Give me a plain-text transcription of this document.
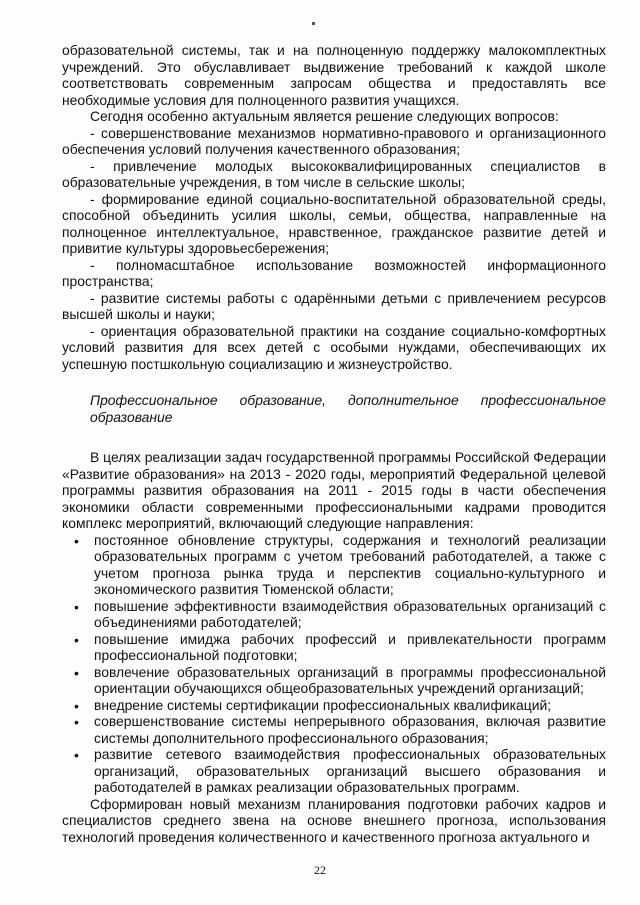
образовательной системы, так и на полноценную поддержку малокомплектных учреждений. Это обуславливает выдвижение требований к каждой школе соответствовать современным запросам общества и предоставлять все необходимые условия для полноценного развития учащихся.

Сегодня особенно актуальным является решение следующих вопросов:

- совершенствование механизмов нормативно-правового и организационного обеспечения условий получения качественного образования;

- привлечение молодых высококвалифицированных специалистов в образовательные учреждения, в том числе в сельские школы;

- формирование единой социально-воспитательной образовательной среды, способной объединить усилия школы, семьи, общества, направленные на полноценное интеллектуальное, нравственное, гражданское развитие детей и привитие культуры здоровьесбережения;

- полномасштабное использование возможностей информационного пространства;

- развитие системы работы с одарёнными детьми с привлечением ресурсов высшей школы и науки;

- ориентация образовательной практики на создание социально-комфортных условий развития для всех детей с особыми нуждами, обеспечивающих их успешную постшкольную социализацию и жизнеустройство.

Профессиональное образование, дополнительное профессиональное образование

В целях реализации задач государственной программы Российской Федерации «Развитие образования» на 2013 - 2020 годы, мероприятий Федеральной целевой программы развития образования на 2011 - 2015 годы в части обеспечения экономики области современными профессиональными кадрами проводится комплекс мероприятий, включающий следующие направления:

• постоянное обновление структуры, содержания и технологий реализации образовательных программ с учетом требований работодателей, а также с учетом прогноза рынка труда и перспектив социально-культурного и экономического развития Тюменской области;
• повышение эффективности взаимодействия образовательных организаций с объединениями работодателей;
• повышение имиджа рабочих профессий и привлекательности программ профессиональной подготовки;
• вовлечение образовательных организаций в программы профессиональной ориентации обучающихся общеобразовательных учреждений организаций;
• внедрение системы сертификации профессиональных квалификаций;
• совершенствование системы непрерывного образования, включая развитие системы дополнительного профессионального образования;
• развитие сетевого взаимодействия профессиональных образовательных организаций, образовательных организаций высшего образования и работодателей в рамках реализации образовательных программ.

Сформирован новый механизм планирования подготовки рабочих кадров и специалистов среднего звена на основе внешнего прогноза, использования технологий проведения количественного и качественного прогноза актуального и

22
